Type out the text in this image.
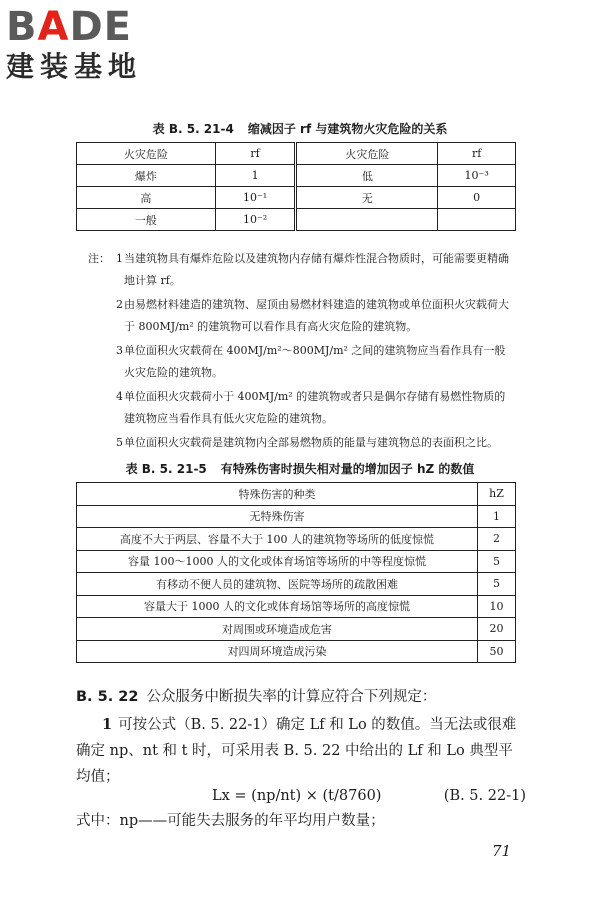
BADE
建装基地
表 B. 5. 21-4 缩减因子 rf 与建筑物火灾危险的关系
火灾危险	rf	火灾危险	rf
爆炸	1	低	10⁻³
高	10⁻¹	无	0
一般	10⁻²		
注： 1 当建筑物具有爆炸危险以及建筑物内存储有爆炸性混合物质时，可能需要更精确地计算 rf。
2 由易燃材料建造的建筑物、屋顶由易燃材料建造的建筑物或单位面积火灾载荷大于 800MJ/m² 的建筑物可以看作具有高火灾危险的建筑物。
3 单位面积火灾载荷在 400MJ/m²～800MJ/m² 之间的建筑物应当看作具有一般火灾危险的建筑物。
4 单位面积火灾载荷小于 400MJ/m² 的建筑物或者只是偶尔存储有易燃性物质的建筑物应当看作具有低火灾危险的建筑物。
5 单位面积火灾载荷是建筑物内全部易燃物质的能量与建筑物总的表面积之比。
表 B. 5. 21-5 有特殊伤害时损失相对量的增加因子 hZ 的数值
特殊伤害的种类	hZ
无特殊伤害	1
高度不大于两层、容量不大于 100 人的建筑物等场所的低度惊慌	2
容量 100～1000 人的文化或体育场馆等场所的中等程度惊慌	5
有移动不便人员的建筑物、医院等场所的疏散困难	5
容量大于 1000 人的文化或体育场馆等场所的高度惊慌	10
对周围或环境造成危害	20
对四周环境造成污染	50
B. 5. 22 公众服务中断损失率的计算应符合下列规定：
1 可按公式（B. 5. 22-1）确定 Lf 和 Lo 的数值。当无法或很难确定 np、nt 和 t 时，可采用表 B. 5. 22 中给出的 Lf 和 Lo 典型平均值；
Lx = (np/nt) × (t/8760)	(B. 5. 22-1)
式中：np——可能失去服务的年平均用户数量；
71
